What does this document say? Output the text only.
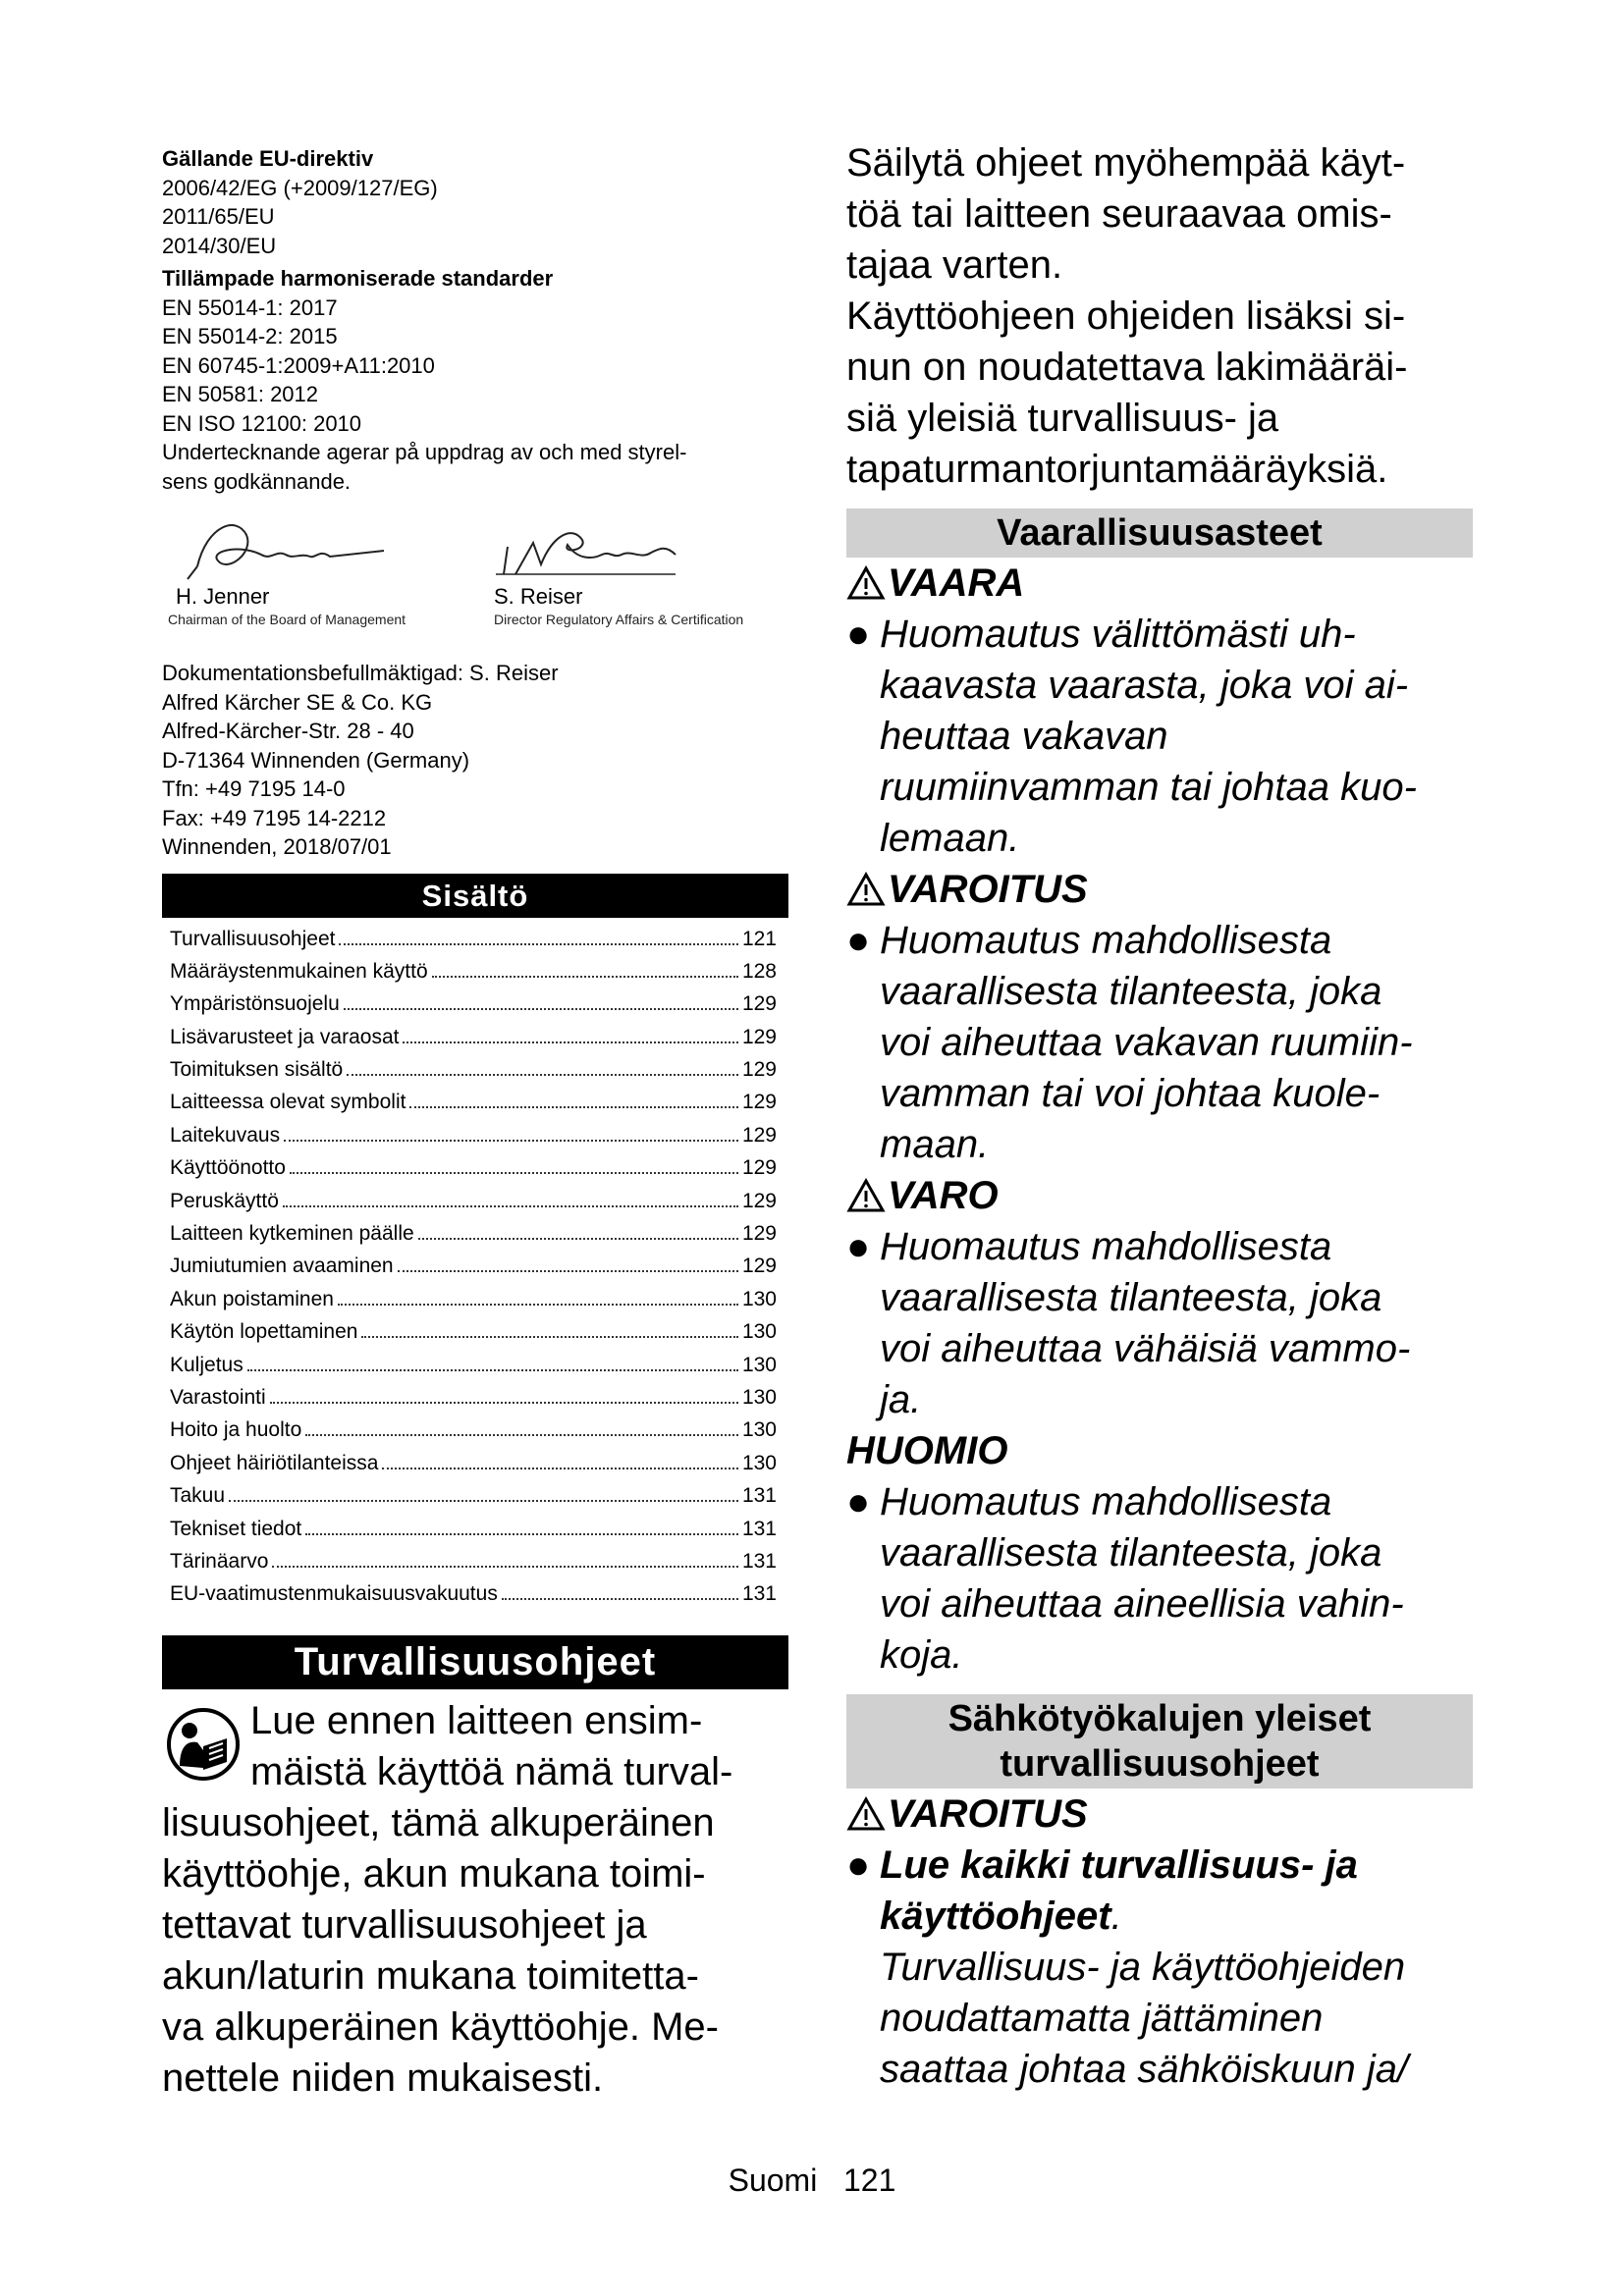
Gällande EU-direktiv
2006/42/EG (+2009/127/EG)
2011/65/EU
2014/30/EU
Tillämpade harmoniserade standarder
EN 55014-1: 2017
EN 55014-2: 2015
EN 60745-1:2009+A11:2010
EN 50581: 2012
EN ISO 12100: 2010
Undertecknande agerar på uppdrag av och med styrel-
sens godkännande.
H. Jenner
Chairman of the Board of Management
S. Reiser
Director Regulatory Affairs & Certification
Dokumentationsbefullmäktigad: S. Reiser
Alfred Kärcher SE & Co. KG
Alfred-Kärcher-Str. 28 - 40
D-71364 Winnenden (Germany)
Tfn: +49 7195 14-0
Fax: +49 7195 14-2212
Winnenden, 2018/07/01
Sisältö
Turvallisuusohjeet	121
Määräystenmukainen käyttö	128
Ympäristönsuojelu	129
Lisävarusteet ja varaosat	129
Toimituksen sisältö	129
Laitteessa olevat symbolit	129
Laitekuvaus	129
Käyttöönotto	129
Peruskäyttö	129
Laitteen kytkeminen päälle	129
Jumiutumien avaaminen	129
Akun poistaminen	130
Käytön lopettaminen	130
Kuljetus	130
Varastointi	130
Hoito ja huolto	130
Ohjeet häiriötilanteissa	130
Takuu	131
Tekniset tiedot	131
Tärinäarvo	131
EU-vaatimustenmukaisuusvakuutus	131
Turvallisuusohjeet
Lue ennen laitteen ensim-
mäistä käyttöä nämä turval-
lisuusohjeet, tämä alkuperäinen
käyttöohje, akun mukana toimi-
tettavat turvallisuusohjeet ja
akun/laturin mukana toimitetta-
va alkuperäinen käyttöohje. Me-
nettele niiden mukaisesti.
Säilytä ohjeet myöhempää käyt-
töä tai laitteen seuraavaa omis-
tajaa varten.
Käyttöohjeen ohjeiden lisäksi si-
nun on noudatettava lakimääräi-
siä yleisiä turvallisuus- ja
tapaturmantorjuntamääräyksiä.
Vaarallisuusasteet
VAARA
● Huomautus välittömästi uh-
kaavasta vaarasta, joka voi ai-
heuttaa vakavan
ruumiinvamman tai johtaa kuo-
lemaan.
VAROITUS
● Huomautus mahdollisesta
vaarallisesta tilanteesta, joka
voi aiheuttaa vakavan ruumiin-
vamman tai voi johtaa kuole-
maan.
VARO
● Huomautus mahdollisesta
vaarallisesta tilanteesta, joka
voi aiheuttaa vähäisiä vammo-
ja.
HUOMIO
● Huomautus mahdollisesta
vaarallisesta tilanteesta, joka
voi aiheuttaa aineellisia vahin-
koja.
Sähkötyökalujen yleiset
turvallisuusohjeet
VAROITUS
● Lue kaikki turvallisuus- ja
käyttöohjeet.
Turvallisuus- ja käyttöohjeiden
noudattamatta jättäminen
saattaa johtaa sähköiskuun ja/
Suomi 121
